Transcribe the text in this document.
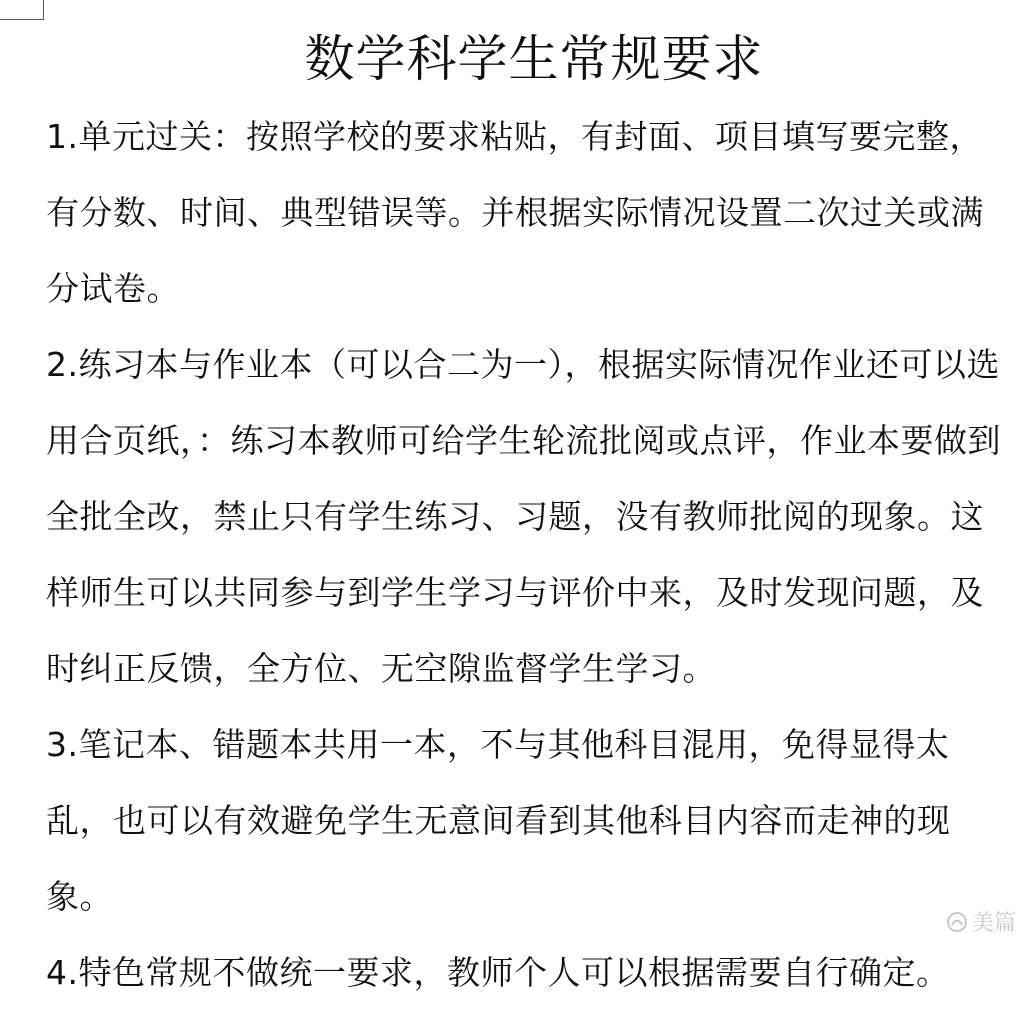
数学科学生常规要求

1.单元过关：按照学校的要求粘贴，有封面、项目填写要完整，有分数、时间、典型错误等。并根据实际情况设置二次过关或满分试卷。

2.练习本与作业本（可以合二为一），根据实际情况作业还可以选用合页纸，：练习本教师可给学生轮流批阅或点评，作业本要做到全批全改，禁止只有学生练习、习题，没有教师批阅的现象。这样师生可以共同参与到学生学习与评价中来，及时发现问题，及时纠正反馈，全方位、无空隙监督学生学习。

3.笔记本、错题本共用一本，不与其他科目混用，免得显得太乱，也可以有效避免学生无意间看到其他科目内容而走神的现象。

4.特色常规不做统一要求，教师个人可以根据需要自行确定。

美篇
